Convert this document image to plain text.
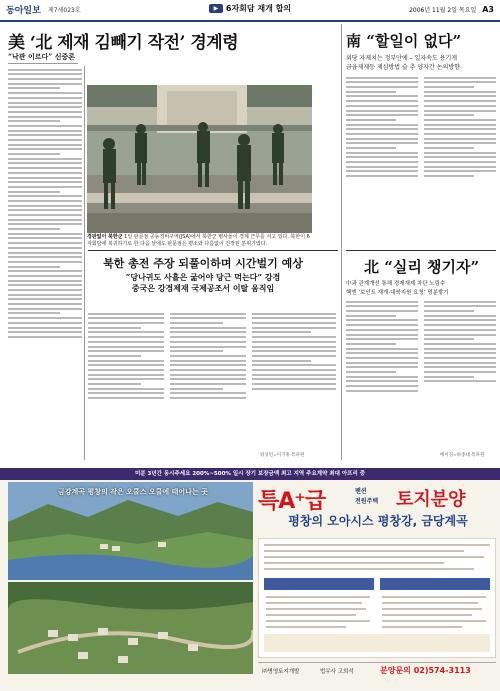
동아일보 제7세023호	▶ 6자회담 재개 합의	2006년 11월 2일 목요일 A3
美 ‘北 제재 김빼기 작전’ 경계령
“낙관 이르다” 신중론
경판없이 북한군 1일 판문점 공동경비구역(JSA)에서 북한군 병사들이 경계 근무를 서고 있다. 북한이 6자회담에 복귀하기로 한 다음 날에도 판문점은 평소와 다름없이 긴장된 분위기였다.
南 “할일이 없다”
외당 자제치는 정부안에 – 일자속도 용기게
금융제제등 제심방법 슬 추 양자간 논의방향
북한 총전 주장 되풀이하며 시간벌기 예상
“당나귀도 사흘은 굶어야 당근 먹는다” 강경
중국은 강경제재 국제공조서 이탈 움직임
워싱턴=이기홍 특파원
北 “실리 챙기자”
中과 관계개선 통해 경제재제 차단 노림수
핵엔 ‘보인트 재개·대북지원 요청’ 명분쌓기
베이징=하종대 특파원
미분 3년간 동시주세요 200%~500% 일시 장기 보장금액 최고 지역 주요계약 최대 아프리 중
금강계곡 평창의 작은 오쿨스 오쿨에 태어나는 곳 특A⁺급	팬션
전원주택 토지분양
평창의 오아시스 평창강, 금당계곡
㈜병영토지개발	법무사 고희석	분양문의 02)574-3113
